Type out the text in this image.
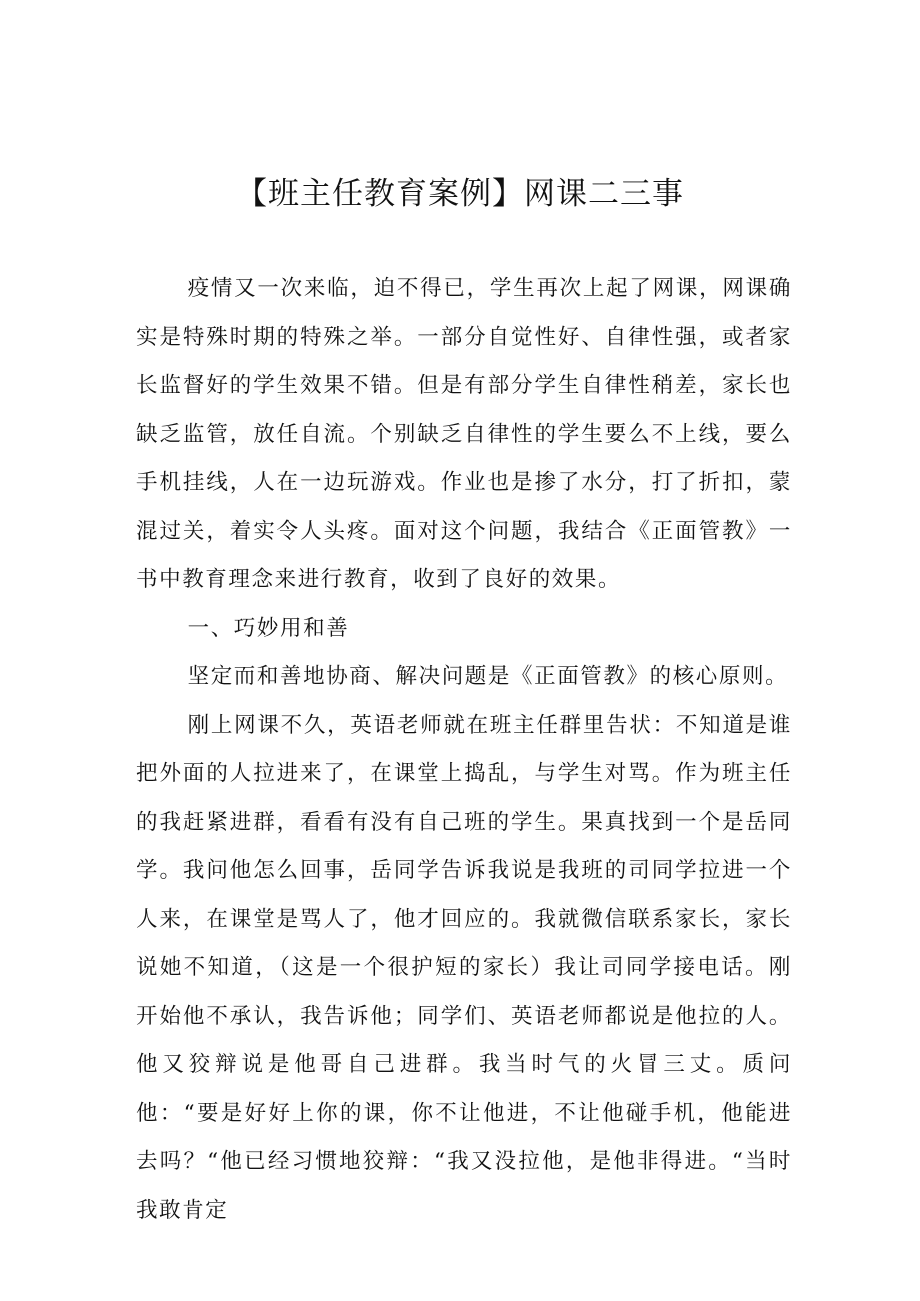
【班主任教育案例】网课二三事

疫情又一次来临，迫不得已，学生再次上起了网课，网课确实是特殊时期的特殊之举。一部分自觉性好、自律性强，或者家长监督好的学生效果不错。但是有部分学生自律性稍差，家长也缺乏监管，放任自流。个别缺乏自律性的学生要么不上线，要么手机挂线，人在一边玩游戏。作业也是掺了水分，打了折扣，蒙混过关，着实令人头疼。面对这个问题，我结合《正面管教》一书中教育理念来进行教育，收到了良好的效果。

一、巧妙用和善

坚定而和善地协商、解决问题是《正面管教》的核心原则。

刚上网课不久，英语老师就在班主任群里告状：不知道是谁把外面的人拉进来了，在课堂上捣乱，与学生对骂。作为班主任的我赶紧进群，看看有没有自己班的学生。果真找到一个是岳同学。我问他怎么回事，岳同学告诉我说是我班的司同学拉进一个人来，在课堂是骂人了，他才回应的。我就微信联系家长，家长说她不知道，（这是一个很护短的家长）我让司同学接电话。刚开始他不承认，我告诉他；同学们、英语老师都说是他拉的人。他又狡辩说是他哥自己进群。我当时气的火冒三丈。质问他：“要是好好上你的课，你不让他进，不让他碰手机，他能进去吗？“他已经习惯地狡辩：“我又没拉他，是他非得进。“当时我敢肯定
